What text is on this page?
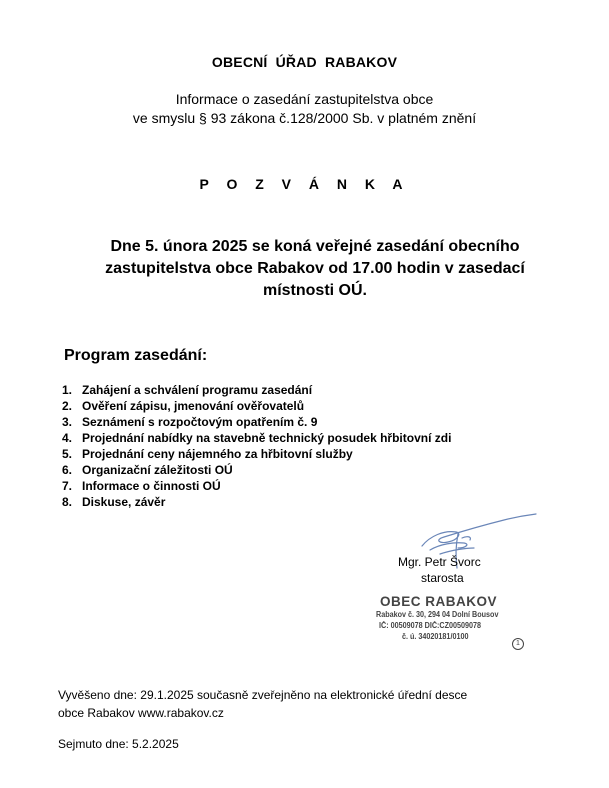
OBECNÍ ÚŘAD RABAKOV
Informace o zasedání zastupitelstva obce
ve smyslu § 93 zákona č.128/2000 Sb. v platném znění
P O Z V Á N K A
Dne 5. února 2025 se koná veřejné zasedání obecního zastupitelstva obce Rabakov od 17.00 hodin v zasedací místnosti OÚ.
Program zasedání:
1. Zahájení a schválení programu zasedání
2. Ověření zápisu, jmenování ověřovatelů
3. Seznámení s rozpočtovým opatřením č. 9
4. Projednání nabídky na stavebně technický posudek hřbitovní zdi
5. Projednání ceny nájemného za hřbitovní služby
6. Organizační záležitosti OÚ
7. Informace o činnosti OÚ
8. Diskuse, závěr
Mgr. Petr Švorc
starosta
OBEC RABAKOV
Rabakov č. 30, 294 04 Dolní Bousov
IČ: 00509078 DIČ:CZ00509078
č. ú. 34020181/0100
1
Vyvěšeno dne: 29.1.2025 současně zveřejněno na elektronické úřední desce
obce Rabakov www.rabakov.cz
Sejmuto dne: 5.2.2025
